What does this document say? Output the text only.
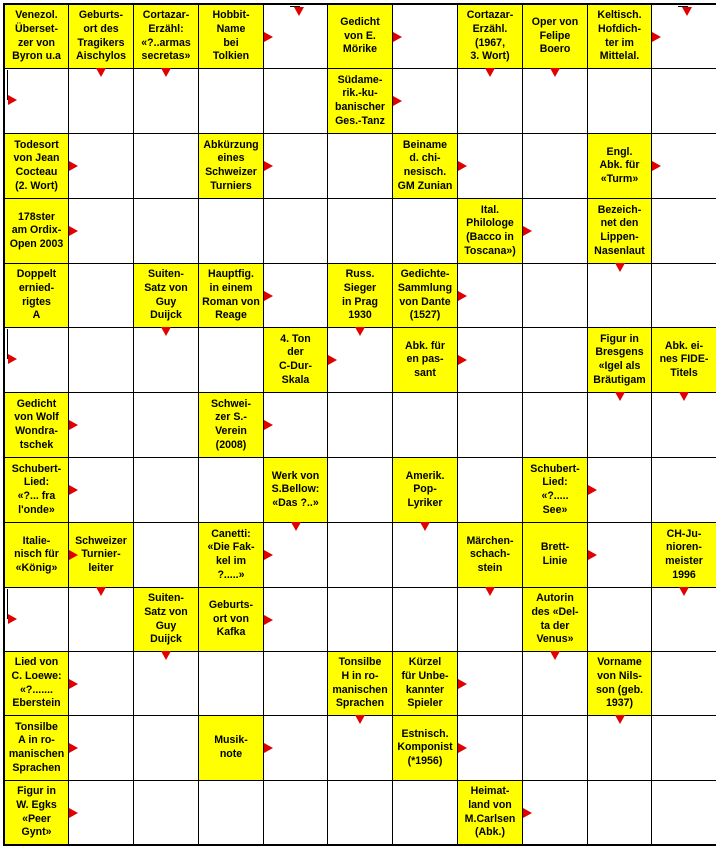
Venezol.
Überset-
zer von
Byron u.a
Geburts-
ort des
Tragikers
Aischylos
Cortazar-
Erzähl:
«?..armas
secretas»
Hobbit-
Name
bei
Tolkien
Gedicht
von E.
Mörike
Cortazar-
Erzähl.
(1967,
3. Wort)
Oper von
Felipe
Boero
Keltisch.
Hofdich-
ter im
Mittelal.
Südame-
rik.-ku-
banischer
Ges.-Tanz
Todesort
von Jean
Cocteau
(2. Wort)
Abkürzung
eines
Schweizer
Turniers
Beiname
d. chi-
nesisch.
GM Zunian
Engl.
Abk. für
«Turm»
178ster
am Ordix-
Open 2003
Ital.
Philologe
(Bacco in
Toscana»)
Bezeich-
net den
Lippen-
Nasenlaut
Doppelt
ernied-
rigtes
A
Suiten-
Satz von
Guy
Duijck
Hauptfig.
in einem
Roman von
Reage
Russ.
Sieger
in Prag
1930
Gedichte-
Sammlung
von Dante
(1527)
4. Ton
der
C-Dur-
Skala
Abk. für
en pas-
sant
Figur in
Bresgens
«Igel als
Bräutigam
Abk. ei-
nes FIDE-
Titels
Gedicht
von Wolf
Wondra-
tschek
Schwei-
zer S.-
Verein
(2008)
Schubert-
Lied:
«?... fra
l'onde»
Werk von
S.Bellow:
«Das ?..»
Amerik.
Pop-
Lyriker
Schubert-
Lied:
«?.....
See»
Italie-
nisch für
«König»
Schweizer
Turnier-
leiter
Canetti:
«Die Fak-
kel im
?.....»
Märchen-
schach-
stein
Brett-
Linie
CH-Ju-
nioren-
meister
1996
Suiten-
Satz von
Guy
Duijck
Geburts-
ort von
Kafka
Autorin
des «Del-
ta der
Venus»
Lied von
C. Loewe:
«?.......
Eberstein
Tonsilbe
H in ro-
manischen
Sprachen
Kürzel
für Unbe-
kannter
Spieler
Vorname
von Nils-
son (geb.
1937)
Tonsilbe
A in ro-
manischen
Sprachen
Musik-
note
Estnisch.
Komponist
(*1956)
Figur in
W. Egks
«Peer
Gynt»
Heimat-
land von
M.Carlsen
(Abk.)
